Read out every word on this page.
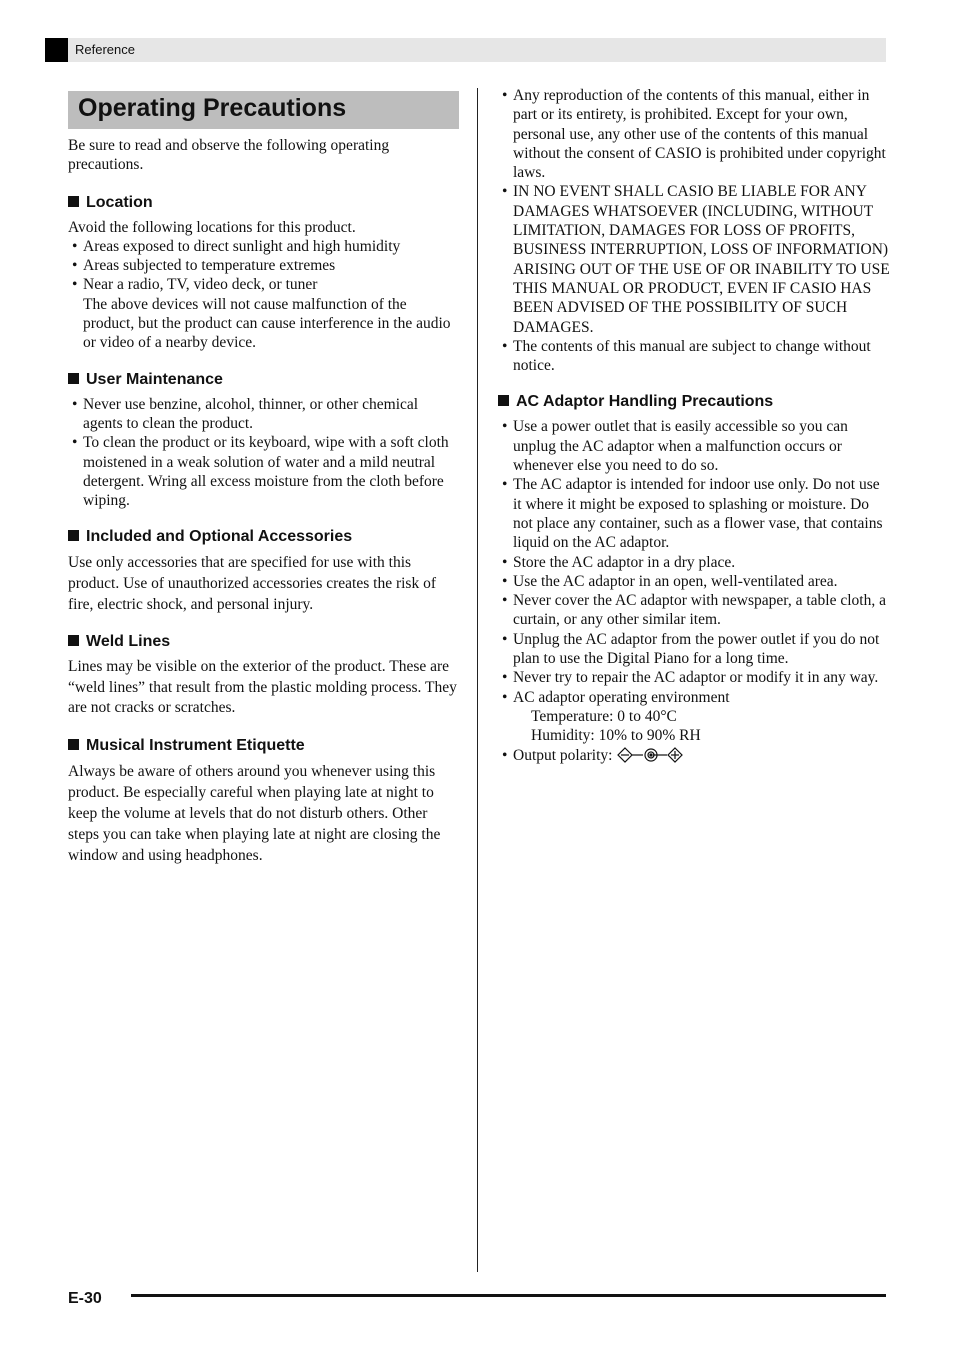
Reference
Operating Precautions

Be sure to read and observe the following operating precautions.

Location

Avoid the following locations for this product.

• Areas exposed to direct sunlight and high humidity
• Areas subjected to temperature extremes
• Near a radio, TV, video deck, or tuner
The above devices will not cause malfunction of the product, but the product can cause interference in the audio or video of a nearby device.
User Maintenance
• Never use benzine, alcohol, thinner, or other chemical agents to clean the product.
• To clean the product or its keyboard, wipe with a soft cloth moistened in a weak solution of water and a mild neutral detergent. Wring all excess moisture from the cloth before wiping.
Included and Optional Accessories

Use only accessories that are specified for use with this product. Use of unauthorized accessories creates the risk of fire, electric shock, and personal injury.

Weld Lines

Lines may be visible on the exterior of the product. These are “weld lines” that result from the plastic molding process. They are not cracks or scratches.

Musical Instrument Etiquette

Always be aware of others around you whenever using this product. Be especially careful when playing late at night to keep the volume at levels that do not disturb others. Other steps you can take when playing late at night are closing the window and using headphones.

• Any reproduction of the contents of this manual, either in part or its entirety, is prohibited. Except for your own, personal use, any other use of the contents of this manual without the consent of CASIO is prohibited under copyright laws.
• IN NO EVENT SHALL CASIO BE LIABLE FOR ANY DAMAGES WHATSOEVER (INCLUDING, WITHOUT LIMITATION, DAMAGES FOR LOSS OF PROFITS, BUSINESS INTERRUPTION, LOSS OF INFORMATION) ARISING OUT OF THE USE OF OR INABILITY TO USE THIS MANUAL OR PRODUCT, EVEN IF CASIO HAS BEEN ADVISED OF THE POSSIBILITY OF SUCH DAMAGES.
• The contents of this manual are subject to change without notice.
AC Adaptor Handling Precautions
• Use a power outlet that is easily accessible so you can unplug the AC adaptor when a malfunction occurs or whenever else you need to do so.
• The AC adaptor is intended for indoor use only. Do not use it where it might be exposed to splashing or moisture. Do not place any container, such as a flower vase, that contains liquid on the AC adaptor.
• Store the AC adaptor in a dry place.
• Use the AC adaptor in an open, well-ventilated area.
• Never cover the AC adaptor with newspaper, a table cloth, a curtain, or any other similar item.
• Unplug the AC adaptor from the power outlet if you do not plan to use the Digital Piano for a long time.
• Never try to repair the AC adaptor or modify it in any way.
• AC adaptor operating environment
Temperature: 0 to 40°C
Humidity: 10% to 90% RH
• Output polarity:
E-30
